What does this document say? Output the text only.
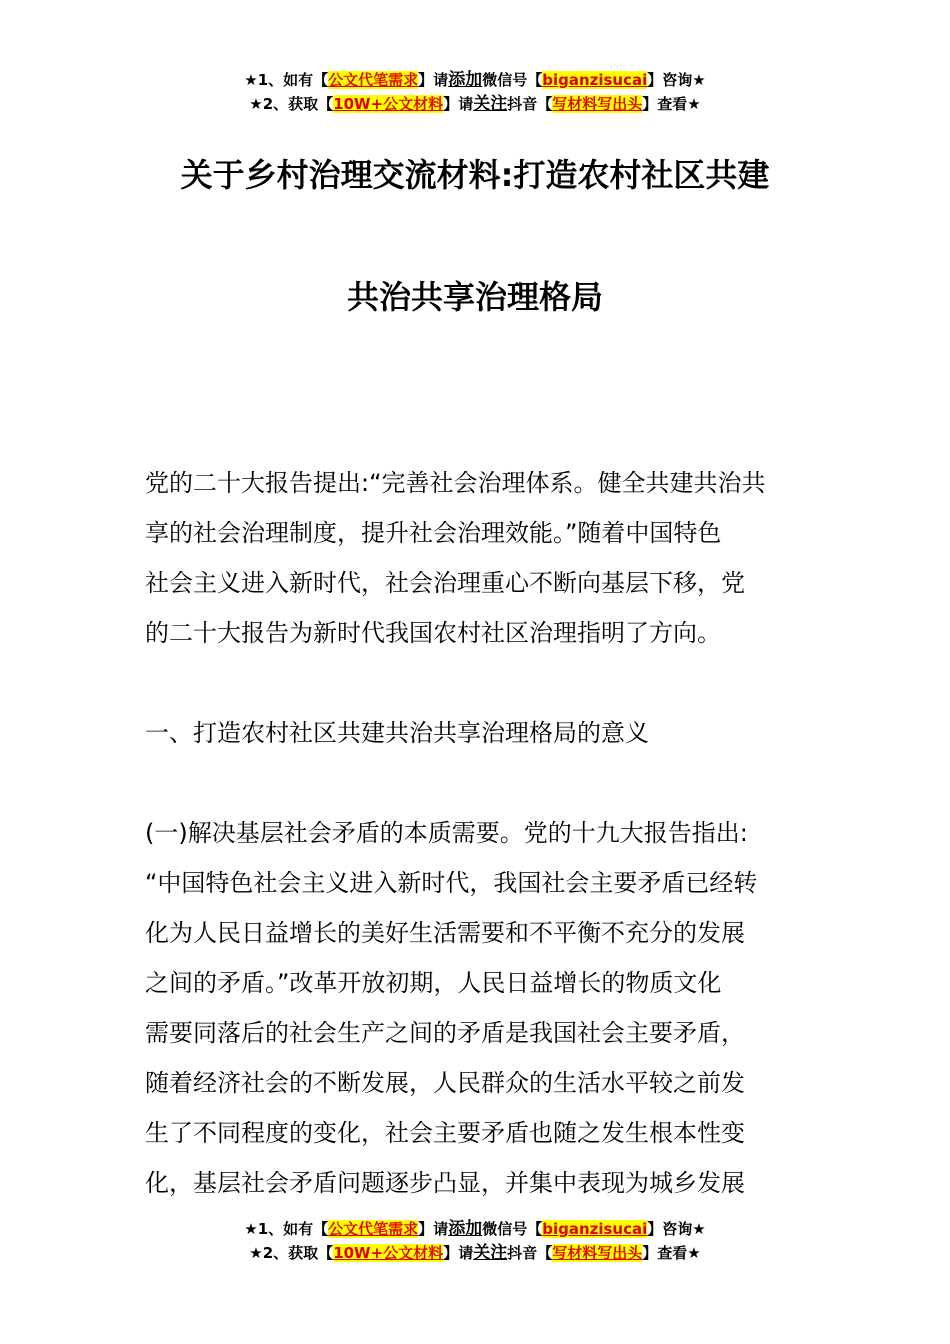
★1、如有【公文代笔需求】请添加微信号【biganzisucai】咨询★
★2、获取【10W+公文材料】请关注抖音【写材料写出头】查看★
关于乡村治理交流材料:打造农村社区共建
共治共享治理格局
党的二十大报告提出:“完善社会治理体系。健全共建共治共
享的社会治理制度，提升社会治理效能。”随着中国特色
社会主义进入新时代，社会治理重心不断向基层下移，党
的二十大报告为新时代我国农村社区治理指明了方向。
一、打造农村社区共建共治共享治理格局的意义
(一)解决基层社会矛盾的本质需要。党的十九大报告指出:
“中国特色社会主义进入新时代，我国社会主要矛盾已经转
化为人民日益增长的美好生活需要和不平衡不充分的发展
之间的矛盾。”改革开放初期，人民日益增长的物质文化
需要同落后的社会生产之间的矛盾是我国社会主要矛盾，
随着经济社会的不断发展，人民群众的生活水平较之前发
生了不同程度的变化，社会主要矛盾也随之发生根本性变
化，基层社会矛盾问题逐步凸显，并集中表现为城乡发展
★1、如有【公文代笔需求】请添加微信号【biganzisucai】咨询★
★2、获取【10W+公文材料】请关注抖音【写材料写出头】查看★
